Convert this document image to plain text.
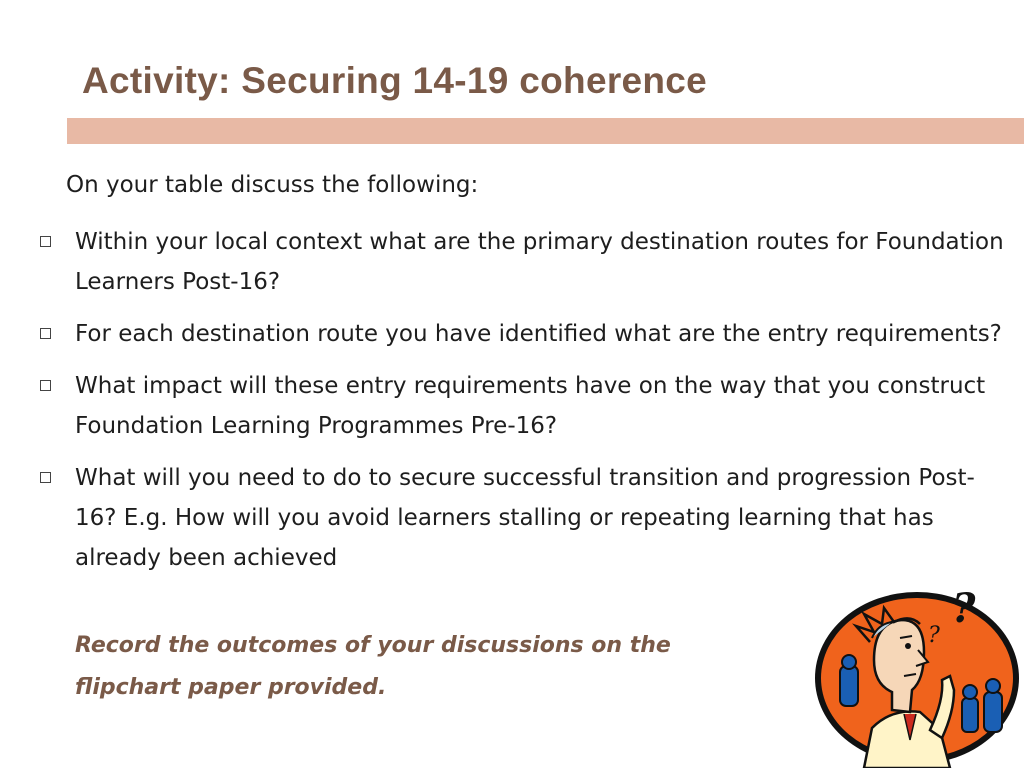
Activity: Securing 14-19 coherence
On your table discuss the following:
Within your local context what are the primary destination routes for Foundation Learners Post-16?
For each destination route you have identified what are the entry requirements?
What impact will these entry requirements have on the way that you construct Foundation Learning Programmes Pre-16?
What will you need to do to secure successful transition and progression Post-16? E.g. How will you avoid learners stalling or repeating learning that has already been achieved
Record the outcomes of your discussions on the flipchart paper provided.
?
?
